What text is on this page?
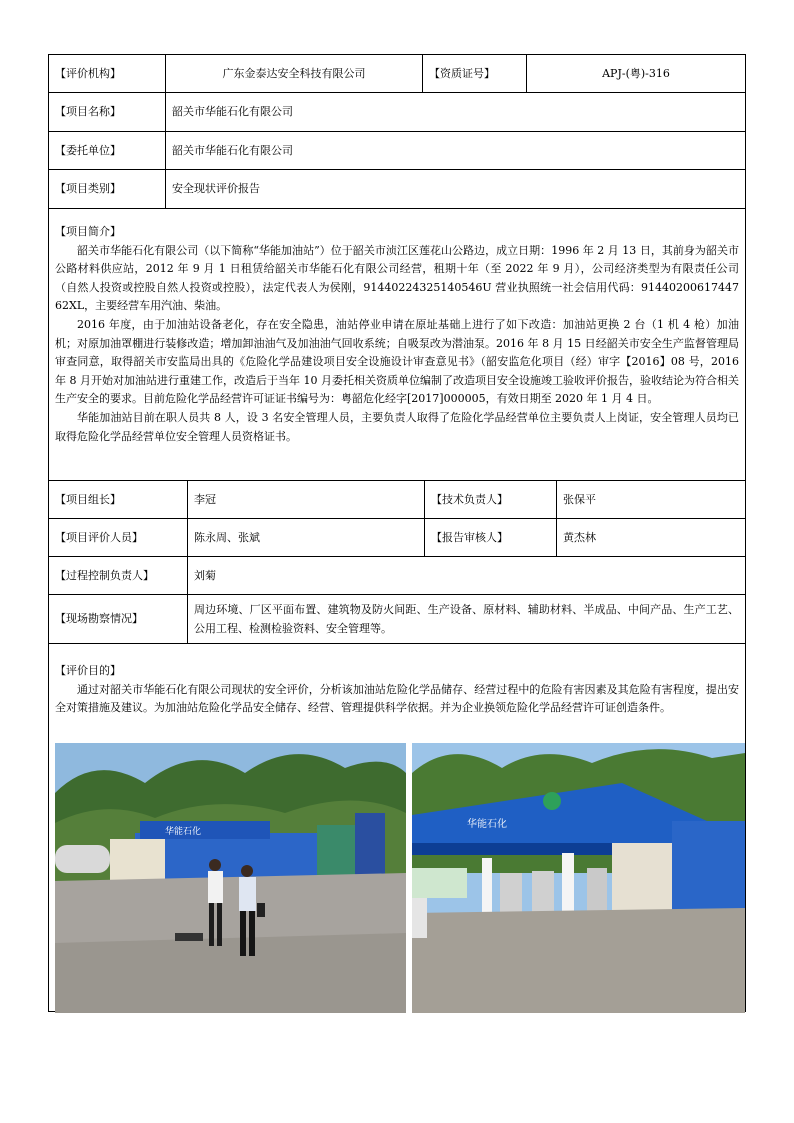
【评价机构】	广东金泰达安全科技有限公司	【资质证号】	APJ-(粤)-316
【项目名称】	韶关市华能石化有限公司
【委托单位】	韶关市华能石化有限公司
【项目类别】	安全现状评价报告

【项目简介】

韶关市华能石化有限公司（以下简称“华能加油站”）位于韶关市浈江区莲花山公路边，成立日期：1996 年 2 月 13 日，其前身为韶关市公路材料供应站，2012 年 9 月 1 日租赁给韶关市华能石化有限公司经营，租期十年（至 2022 年 9 月），公司经济类型为有限责任公司（自然人投资或控股自然人投资或控股），法定代表人为侯刚，91440224325140546U 营业执照统一社会信用代码：91440200617447 62XL，主要经营车用汽油、柴油。

2016 年度，由于加油站设备老化，存在安全隐患，油站停业申请在原址基础上进行了如下改造：加油站更换 2 台（1 机 4 枪）加油机；对原加油罩棚进行装修改造；增加卸油油气及加油油气回收系统；自吸泵改为潜油泵。2016 年 8 月 15 日经韶关市安全生产监督管理局审查同意，取得韶关市安监局出具的《危险化学品建设项目安全设施设计审查意见书》（韶安监危化项目（经）审字【2016】08 号，2016 年 8 月开始对加油站进行重建工作，改造后于当年 10 月委托相关资质单位编制了改造项目安全设施竣工验收评价报告，验收结论为符合相关生产安全的要求。目前危险化学品经营许可证证书编号为：粤韶危化经字[2017]000005，有效日期至 2020 年 1 月 4 日。

华能加油站目前在职人员共 8 人，设 3 名安全管理人员，主要负责人取得了危险化学品经营单位主要负责人上岗证，安全管理人员均已取得危险化学品经营单位安全管理人员资格证书。

【项目组长】	李冠	【技术负责人】	张保平
【项目评价人员】	陈永周、张斌	【报告审核人】	黄杰林
【过程控制负责人】	刘菊
【现场勘察情况】
周边环境、厂区平面布置、建筑物及防火间距、生产设备、原材料、辅助材料、半成品、中间产品、生产工艺、公用工程、检测检验资料、安全管理等。

【评价目的】

通过对韶关市华能石化有限公司现状的安全评价，分析该加油站危险化学品储存、经营过程中的危险有害因素及其危险有害程度，提出安全对策措施及建议。为加油站危险化学品安全储存、经营、管理提供科学依据。并为企业换领危险化学品经营许可证创造条件。

华能石化
华能石化
